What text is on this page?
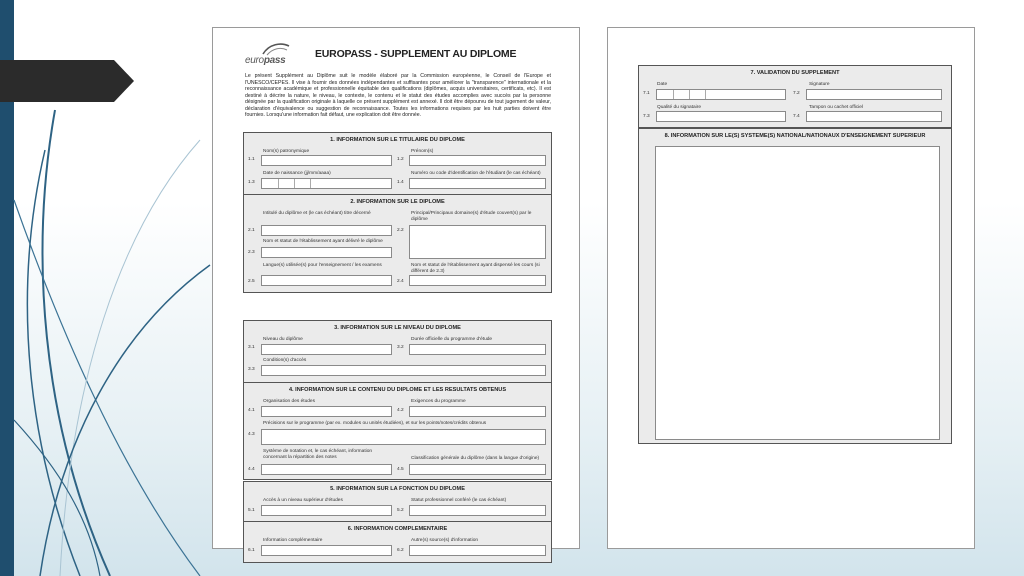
europass
EUROPASS - SUPPLEMENT AU DIPLOME
Le présent Supplément au Diplôme suit le modèle élaboré par la Commission européenne, le Conseil de l'Europe et l'UNESCO/CEPES. Il vise à fournir des données indépendantes et suffisantes pour améliorer la "transparence" internationale et la reconnaissance académique et professionnelle équitable des qualifications (diplômes, acquis universitaires, certificats, etc). Il est destiné à décrire la nature, le niveau, le contexte, le contenu et le statut des études accomplies avec succès par la personne désignée par la qualification originale à laquelle ce présent supplément est annexé. Il doit être dépourvu de tout jugement de valeur, déclaration d'équivalence ou suggestion de reconnaissance. Toutes les informations requises par les huit parties doivent être fournies. Lorsqu'une information fait défaut, une explication doit être donnée.
1. INFORMATION SUR LE TITULAIRE DU DIPLOME
Nom(s) patronymique
1.1
Prénom(s)
1.2
Date de naissance (jj/mm/aaaa)
1.3
Numéro ou code d'identification de l'étudiant (le cas échéant)
1.4
2. INFORMATION SUR LE DIPLOME
Intitulé du diplôme et (le cas échéant) titre décerné
2.1
Principal/Principaux domaine(s) d'étude couvert(s) par le diplôme
2.2
Nom et statut de l'établissement ayant délivré le diplôme
2.3
Langue(s) utilisée(s) pour l'enseignement / les examens
2.5
Nom et statut de l'établissement ayant dispensé les cours (si différent de 2.3)
2.4
3. INFORMATION SUR LE NIVEAU DU DIPLOME
Niveau du diplôme
3.1
Durée officielle du programme d'étude
3.2
Condition(s) d'accès
3.3
4. INFORMATION SUR LE CONTENU DU DIPLOME ET LES RESULTATS OBTENUS
Organisation des études
4.1
Exigences du programme
4.2
Précisions sur le programme (par ex. modules ou unités étudiées), et sur les points/notes/crédits obtenus
4.3
Système de notation et, le cas échéant, information concernant la répartition des notes
4.4
Classification générale du diplôme (dans la langue d'origine)
4.5
5. INFORMATION SUR LA FONCTION DU DIPLOME
Accès à un niveau supérieur d'études
5.1
Statut professionnel conféré (le cas échéant)
5.2
6. INFORMATION COMPLEMENTAIRE
Information complémentaire
6.1
Autre(s) source(s) d'information
6.2
7. VALIDATION DU SUPPLEMENT
Date
7.1
Signature
7.2
Qualité du signataire
7.3
Tampon ou cachet officiel
7.4
8. INFORMATION SUR LE(S) SYSTEME(S) NATIONAL/NATIONAUX D'ENSEIGNEMENT SUPERIEUR
